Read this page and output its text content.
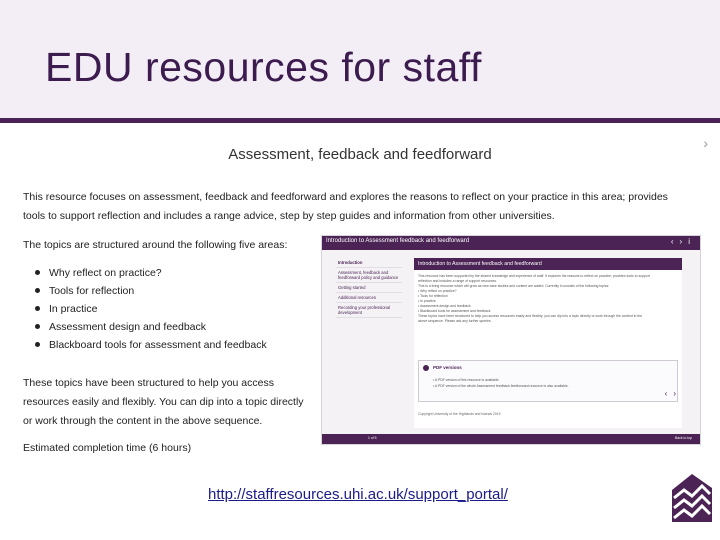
EDU resources for staff
›
Assessment, feedback and feedforward
This resource focuses on assessment, feedback and feedforward and explores the reasons to reflect on your practice in this area; provides tools to support reflection and includes a range advice, step by step guides and information from other universities.
The topics are structured around the following five areas:
Why reflect on practice?
Tools for reflection
In practice
Assessment design and feedback
Blackboard tools for assessment and feedback
These topics have been structured to help you access resources easily and flexibly. You can dip into a topic directly or work through the content in the above sequence.
Estimated completion time (6 hours)
Introduction to Assessment feedback and feedforward	‹›i
Introduction
Assessment, feedback and feedforward policy and guidance
Getting started
Additional resources
Recording your professional development
Introduction to Assessment feedback and feedforward
This resource has been supported by the shared knowledge and experience of staff. It explores the reasons to reflect on practice; provides tools to support
reflection and includes a range of support resources.
This is a living resource which will grow as new case studies and content are added. Currently it consists of the following topics:
• Why reflect on practice?
• Tools for reflection
• In practice
• Assessment design and feedback
• Blackboard tools for assessment and feedback
These topics have been structured to help you access resources easily and flexibly; you can dip into a topic directly or work through the content in the
above sequence. Please ask any further queries.
PDF versions
• A PDF version of this resource is available.
• A PDF version of the whole Assessment feedback feedforward resource is also available.
‹›
Copyright University of the Highlands and Islands 2019
1 of 5	Back to top
http://staffresources.uhi.ac.uk/support_portal/
